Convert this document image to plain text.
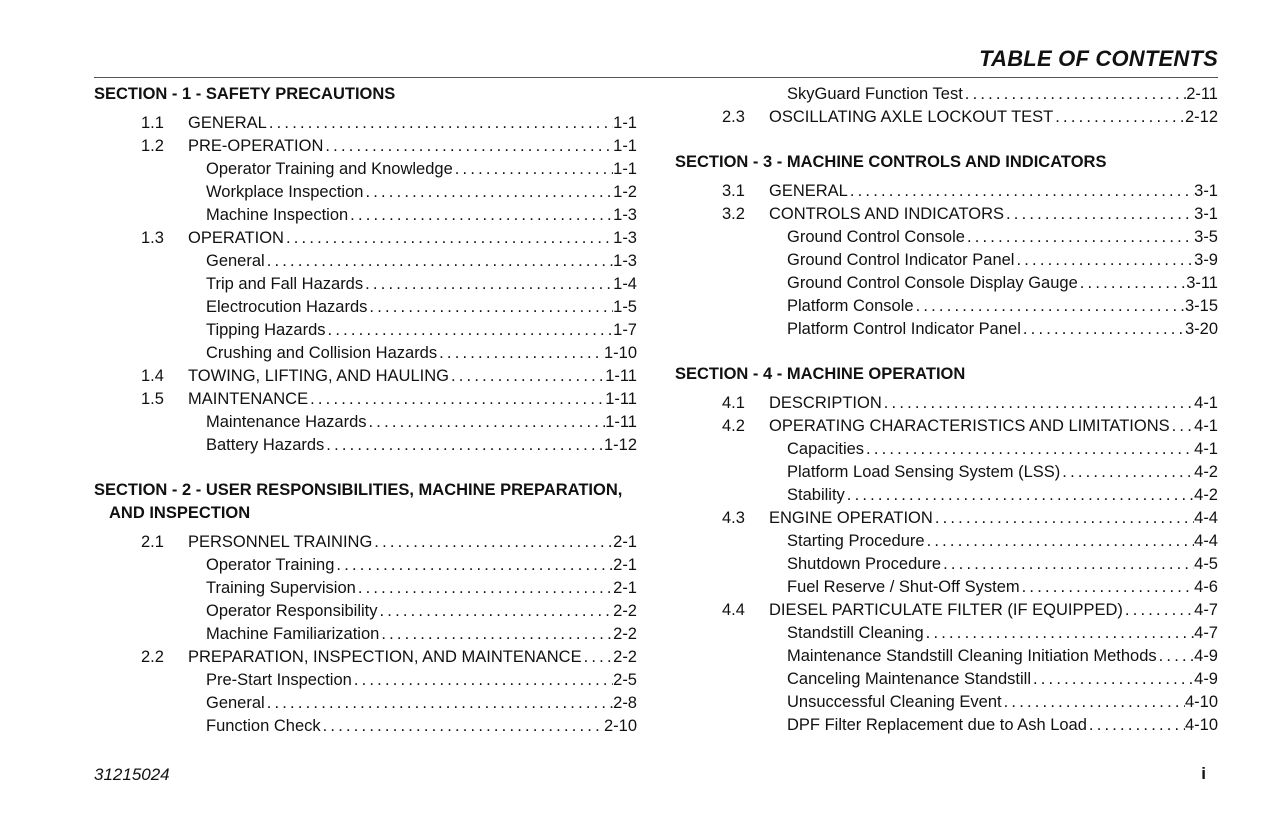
TABLE OF CONTENTS
SECTION - 1 - SAFETY PRECAUTIONS
1.1	GENERAL .....	1-1
1.2	PRE-OPERATION .....	1-1
Operator Training and Knowledge .....	1-1
Workplace Inspection .....	1-2
Machine Inspection .....	1-3
1.3	OPERATION .....	1-3
General .....	1-3
Trip and Fall Hazards .....	1-4
Electrocution Hazards .....	1-5
Tipping Hazards .....	1-7
Crushing and Collision Hazards .....	1-10
1.4	TOWING, LIFTING, AND HAULING .....	1-11
1.5	MAINTENANCE .....	1-11
Maintenance Hazards .....	1-11
Battery Hazards .....	1-12
SECTION - 2 - USER RESPONSIBILITIES, MACHINE PREPARATION,
AND INSPECTION
2.1	PERSONNEL TRAINING .....	2-1
Operator Training .....	2-1
Training Supervision .....	2-1
Operator Responsibility .....	2-2
Machine Familiarization .....	2-2
2.2	PREPARATION, INSPECTION, AND MAINTENANCE ..... 2-2
Pre-Start Inspection .....	2-5
General .....	2-8
Function Check .....	2-10
SkyGuard Function Test .....	2-11
2.3	OSCILLATING AXLE LOCKOUT TEST .....	2-12
SECTION - 3 - MACHINE CONTROLS AND INDICATORS
3.1	GENERAL .....	3-1
3.2	CONTROLS AND INDICATORS .....	3-1
Ground Control Console .....	3-5
Ground Control Indicator Panel .....	3-9
Ground Control Console Display Gauge .....	3-11
Platform Console .....	3-15
Platform Control Indicator Panel .....	3-20
SECTION - 4 - MACHINE OPERATION
4.1	DESCRIPTION .....	4-1
4.2	OPERATING CHARACTERISTICS AND LIMITATIONS ..... 4-1
Capacities .....	4-1
Platform Load Sensing System (LSS) .....	4-2
Stability .....	4-2
4.3	ENGINE OPERATION .....	4-4
Starting Procedure .....	4-4
Shutdown Procedure .....	4-5
Fuel Reserve / Shut-Off System .....	4-6
4.4	DIESEL PARTICULATE FILTER (IF EQUIPPED) .....	4-7
Standstill Cleaning .....	4-7
Maintenance Standstill Cleaning Initiation Methods ..... 4-9
Canceling Maintenance Standstill .....	4-9
Unsuccessful Cleaning Event .....	4-10
DPF Filter Replacement due to Ash Load .....	4-10
31215024	i
